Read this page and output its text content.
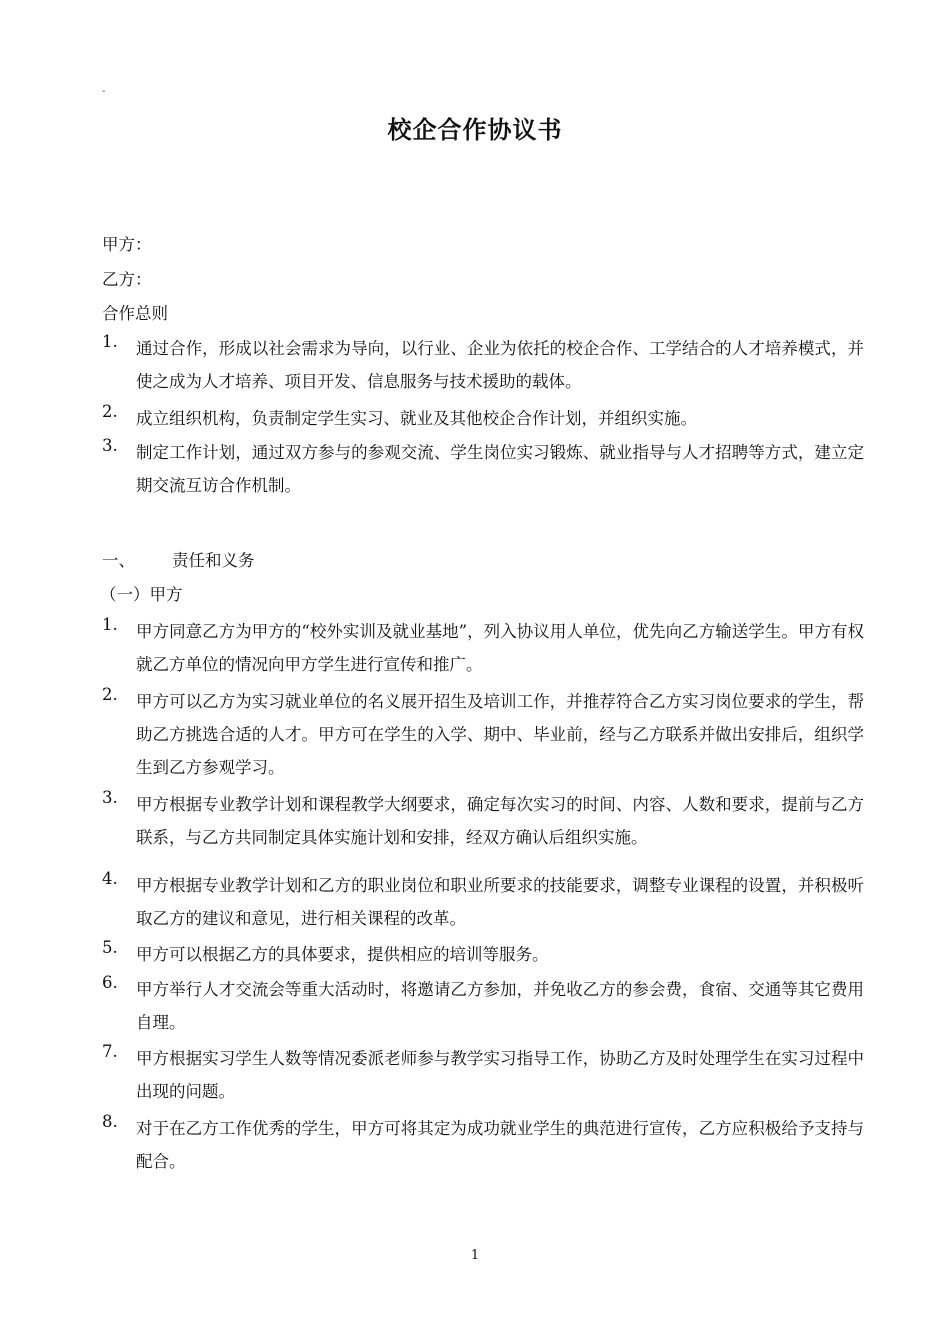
-
校企合作协议书
甲方：
乙方：
合作总则
1. 通过合作，形成以社会需求为导向，以行业、企业为依托的校企合作、工学结合的人才培养模式，并使之成为人才培养、项目开发、信息服务与技术援助的载体。
2. 成立组织机构，负责制定学生实习、就业及其他校企合作计划，并组织实施。
3. 制定工作计划，通过双方参与的参观交流、学生岗位实习锻炼、就业指导与人才招聘等方式，建立定期交流互访合作机制。
一、 责任和义务
（一）甲方
1. 甲方同意乙方为甲方的“校外实训及就业基地”，列入协议用人单位，优先向乙方输送学生。甲方有权就乙方单位的情况向甲方学生进行宣传和推广。
2. 甲方可以乙方为实习就业单位的名义展开招生及培训工作，并推荐符合乙方实习岗位要求的学生，帮助乙方挑选合适的人才。甲方可在学生的入学、期中、毕业前，经与乙方联系并做出安排后，组织学生到乙方参观学习。
3. 甲方根据专业教学计划和课程教学大纲要求，确定每次实习的时间、内容、人数和要求，提前与乙方联系，与乙方共同制定具体实施计划和安排，经双方确认后组织实施。
4. 甲方根据专业教学计划和乙方的职业岗位和职业所要求的技能要求，调整专业课程的设置，并积极听取乙方的建议和意见，进行相关课程的改革。
5. 甲方可以根据乙方的具体要求，提供相应的培训等服务。
6. 甲方举行人才交流会等重大活动时，将邀请乙方参加，并免收乙方的参会费，食宿、交通等其它费用自理。
7. 甲方根据实习学生人数等情况委派老师参与教学实习指导工作，协助乙方及时处理学生在实习过程中出现的问题。
8. 对于在乙方工作优秀的学生，甲方可将其定为成功就业学生的典范进行宣传，乙方应积极给予支持与配合。
1
